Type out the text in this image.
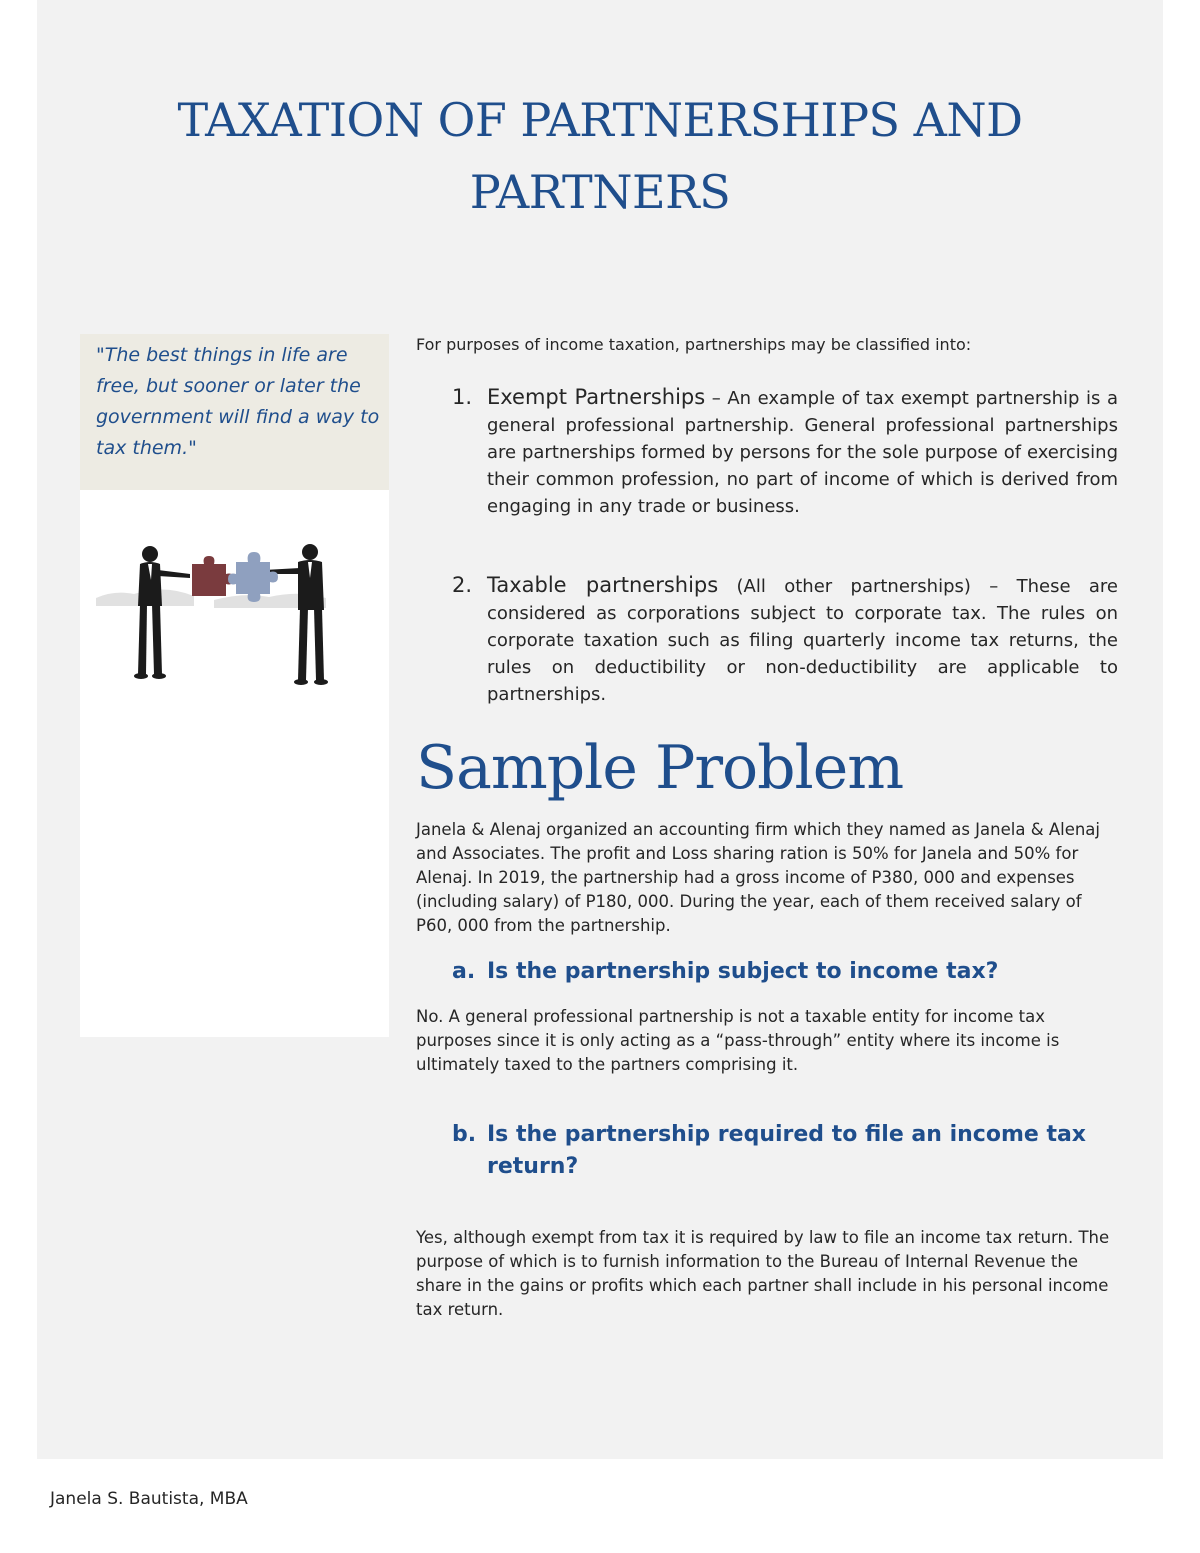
TAXATION OF PARTNERSHIPS AND
PARTNERS

"The best things in life are free, but sooner or later the government will find a way to tax them."

For purposes of income taxation, partnerships may be classified into:

1. Exempt Partnerships – An example of tax exempt partnership is a general professional partnership. General professional partnerships are partnerships formed by persons for the sole purpose of exercising their common profession, no part of income of which is derived from engaging in any trade or business.

2. Taxable partnerships (All other partnerships) – These are considered as corporations subject to corporate tax. The rules on corporate taxation such as filing quarterly income tax returns, the rules on deductibility or non-deductibility are applicable to partnerships.

Sample Problem

Janela & Alenaj organized an accounting firm which they named as Janela & Alenaj and Associates. The profit and Loss sharing ration is 50% for Janela and 50% for Alenaj. In 2019, the partnership had a gross income of P380, 000 and expenses (including salary) of P180, 000. During the year, each of them received salary of P60, 000 from the partnership.

a. Is the partnership subject to income tax?

No. A general professional partnership is not a taxable entity for income tax purposes since it is only acting as a “pass-through” entity where its income is ultimately taxed to the partners comprising it.

b. Is the partnership required to file an income tax return?

Yes, although exempt from tax it is required by law to file an income tax return. The purpose of which is to furnish information to the Bureau of Internal Revenue the share in the gains or profits which each partner shall include in his personal income tax return.

Janela S. Bautista, MBA
